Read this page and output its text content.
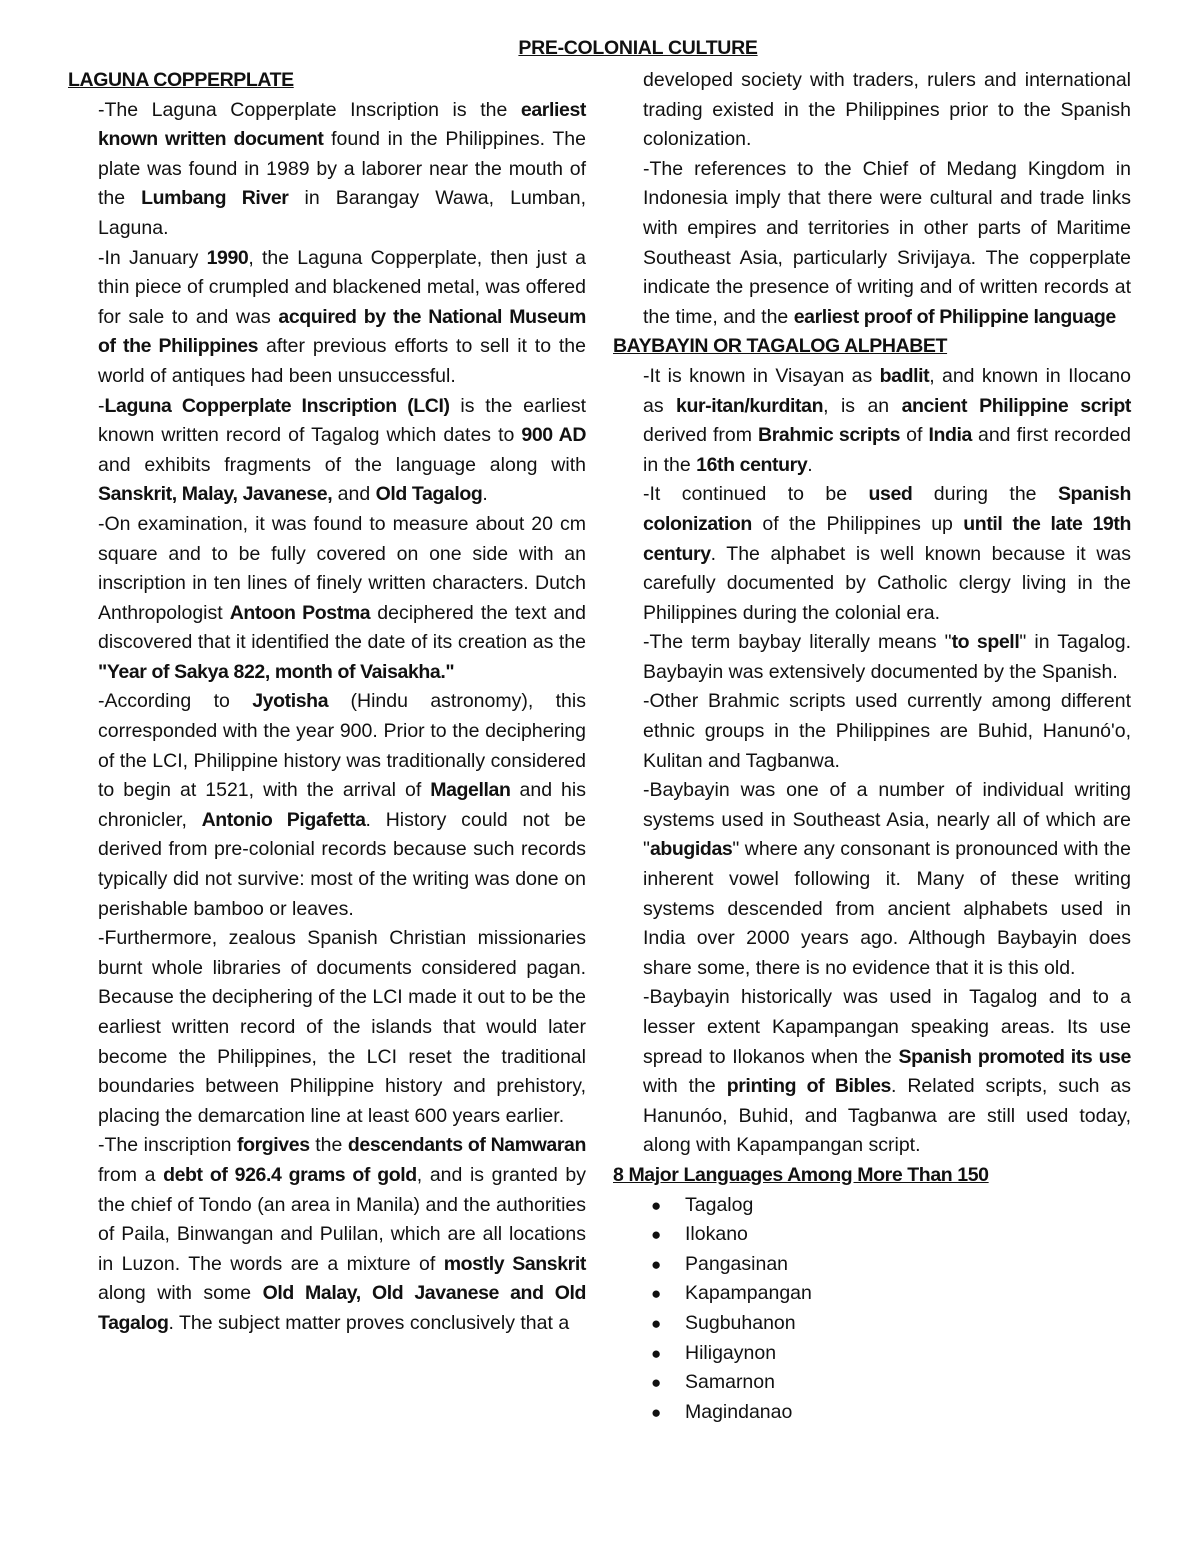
PRE-COLONIAL CULTURE
LAGUNA COPPERPLATE

-The Laguna Copperplate Inscription is the earliest known written document found in the Philippines. The plate was found in 1989 by a laborer near the mouth of the Lumbang River in Barangay Wawa, Lumban, Laguna.

-In January 1990, the Laguna Copperplate, then just a thin piece of crumpled and blackened metal, was offered for sale to and was acquired by the National Museum of the Philippines after previous efforts to sell it to the world of antiques had been unsuccessful.

-Laguna Copperplate Inscription (LCI) is the earliest known written record of Tagalog which dates to 900 AD and exhibits fragments of the language along with Sanskrit, Malay, Javanese, and Old Tagalog.

-On examination, it was found to measure about 20 cm square and to be fully covered on one side with an inscription in ten lines of finely written characters. Dutch Anthropologist Antoon Postma deciphered the text and discovered that it identified the date of its creation as the "Year of Sakya 822, month of Vaisakha."

-According to Jyotisha (Hindu astronomy), this corresponded with the year 900. Prior to the deciphering of the LCI, Philippine history was traditionally considered to begin at 1521, with the arrival of Magellan and his chronicler, Antonio Pigafetta. History could not be derived from pre-colonial records because such records typically did not survive: most of the writing was done on perishable bamboo or leaves.

-Furthermore, zealous Spanish Christian missionaries burnt whole libraries of documents considered pagan. Because the deciphering of the LCI made it out to be the earliest written record of the islands that would later become the Philippines, the LCI reset the traditional boundaries between Philippine history and prehistory, placing the demarcation line at least 600 years earlier.

-The inscription forgives the descendants of Namwaran from a debt of 926.4 grams of gold, and is granted by the chief of Tondo (an area in Manila) and the authorities of Paila, Binwangan and Pulilan, which are all locations in Luzon. The words are a mixture of mostly Sanskrit along with some Old Malay, Old Javanese and Old Tagalog. The subject matter proves conclusively that a

developed society with traders, rulers and international trading existed in the Philippines prior to the Spanish colonization.

-The references to the Chief of Medang Kingdom in Indonesia imply that there were cultural and trade links with empires and territories in other parts of Maritime Southeast Asia, particularly Srivijaya. The copperplate indicate the presence of writing and of written records at the time, and the earliest proof of Philippine language

BAYBAYIN OR TAGALOG ALPHABET

-It is known in Visayan as badlit, and known in Ilocano as kur-itan/kurditan, is an ancient Philippine script derived from Brahmic scripts of India and first recorded in the 16th century.

-It continued to be used during the Spanish colonization of the Philippines up until the late 19th century. The alphabet is well known because it was carefully documented by Catholic clergy living in the Philippines during the colonial era.

-The term baybay literally means "to spell" in Tagalog. Baybayin was extensively documented by the Spanish.

-Other Brahmic scripts used currently among different ethnic groups in the Philippines are Buhid, Hanunó'o, Kulitan and Tagbanwa.

-Baybayin was one of a number of individual writing systems used in Southeast Asia, nearly all of which are "abugidas" where any consonant is pronounced with the inherent vowel following it. Many of these writing systems descended from ancient alphabets used in India over 2000 years ago. Although Baybayin does share some, there is no evidence that it is this old.

-Baybayin historically was used in Tagalog and to a lesser extent Kapampangan speaking areas. Its use spread to Ilokanos when the Spanish promoted its use with the printing of Bibles. Related scripts, such as Hanunóo, Buhid, and Tagbanwa are still used today, along with Kapampangan script.

8 Major Languages Among More Than 150
● Tagalog
● Ilokano
● Pangasinan
● Kapampangan
● Sugbuhanon
● Hiligaynon
● Samarnon
● Magindanao
